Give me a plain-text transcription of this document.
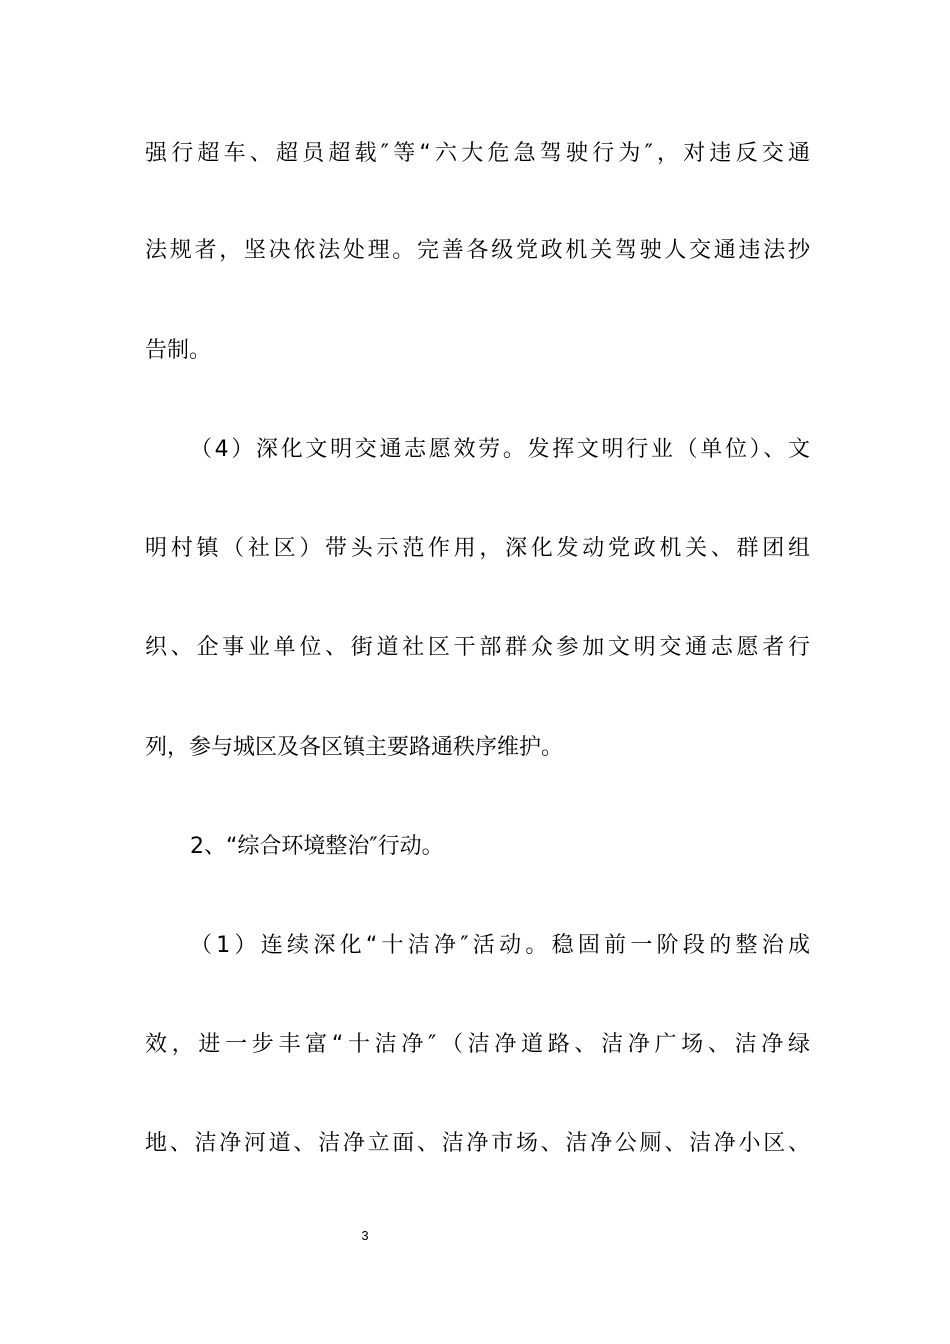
强行超车、超员超载″等“六大危急驾驶行为″，对违反交通
法规者，坚决依法处理。完善各级党政机关驾驶人交通违法抄
告制。
（4）深化文明交通志愿效劳。发挥文明行业（单位）、文
明村镇（社区）带头示范作用，深化发动党政机关、群团组
织、企事业单位、街道社区干部群众参加文明交通志愿者行
列，参与城区及各区镇主要路通秩序维护。
2、“综合环境整治″行动。
（1）连续深化“十洁净″活动。稳固前一阶段的整治成
效，进一步丰富“十洁净″（洁净道路、洁净广场、洁净绿
地、洁净河道、洁净立面、洁净市场、洁净公厕、洁净小区、
3
